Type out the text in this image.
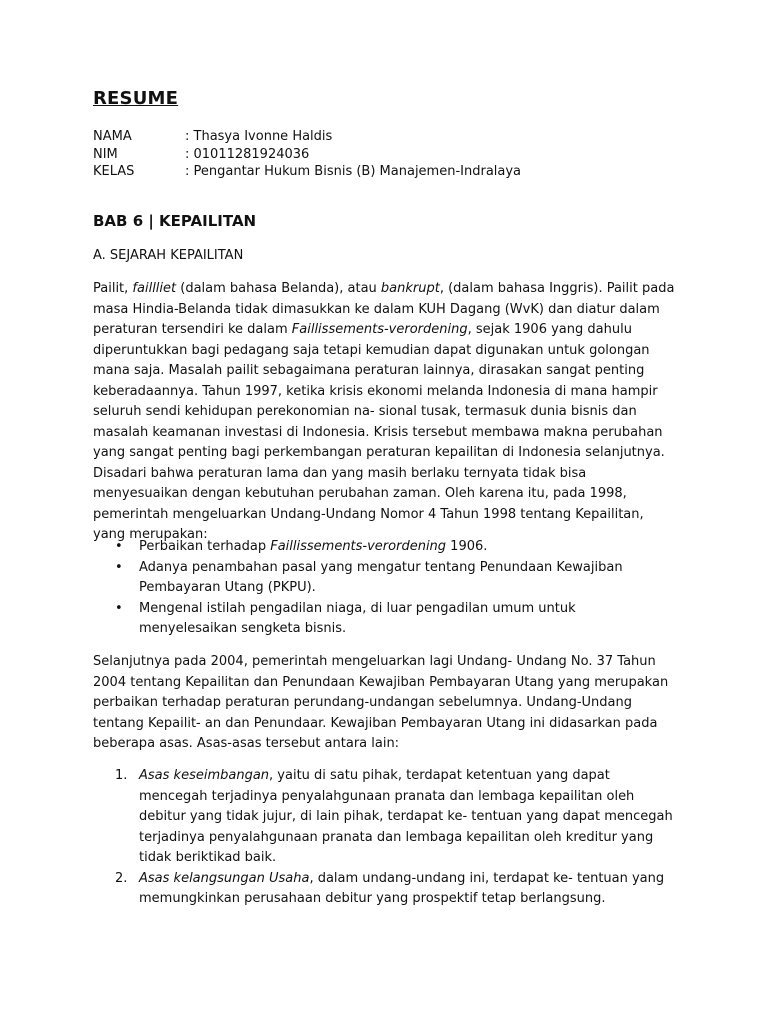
RESUME
NAMA	: Thasya Ivonne Haldis
NIM	: 01011281924036
KELAS	: Pengantar Hukum Bisnis (B) Manajemen-Indralaya
BAB 6 | KEPAILITAN
A. SEJARAH KEPAILITAN

Pailit, faillliet (dalam bahasa Belanda), atau bankrupt, (dalam bahasa Inggris). Pailit pada masa Hindia-Belanda tidak dimasukkan ke dalam KUH Dagang (WvK) dan diatur dalam peraturan tersendiri ke dalam Faillissements-verordening, sejak 1906 yang dahulu diperuntukkan bagi pedagang saja tetapi kemudian dapat digunakan untuk golongan mana saja. Masalah pailit sebagaimana peraturan lainnya, dirasakan sangat penting keberadaannya. Tahun 1997, ketika krisis ekonomi melanda Indonesia di mana hampir seluruh sendi kehidupan perekonomian na- sional tusak, termasuk dunia bisnis dan masalah keamanan investasi di Indonesia. Krisis tersebut membawa makna perubahan yang sangat penting bagi perkembangan peraturan kepailitan di Indonesia selanjutnya. Disadari bahwa peraturan lama dan yang masih berlaku ternyata tidak bisa menyesuaikan dengan kebutuhan perubahan zaman. Oleh karena itu, pada 1998, pemerintah mengeluarkan Undang-Undang Nomor 4 Tahun 1998 tentang Kepailitan, yang merupakan:

• Perbaikan terhadap Faillissements-verordening 1906.
• Adanya penambahan pasal yang mengatur tentang Penundaan Kewajiban Pembayaran Utang (PKPU).
• Mengenal istilah pengadilan niaga, di luar pengadilan umum untuk menyelesaikan sengketa bisnis.

Selanjutnya pada 2004, pemerintah mengeluarkan lagi Undang- Undang No. 37 Tahun 2004 tentang Kepailitan dan Penundaan Kewajiban Pembayaran Utang yang merupakan perbaikan terhadap peraturan perundang-undangan sebelumnya. Undang-Undang tentang Kepailit- an dan Penundaar. Kewajiban Pembayaran Utang ini didasarkan pada beberapa asas. Asas-asas tersebut antara lain:

1. Asas keseimbangan, yaitu di satu pihak, terdapat ketentuan yang dapat mencegah terjadinya penyalahgunaan pranata dan lembaga kepailitan oleh debitur yang tidak jujur, di lain pihak, terdapat ke- tentuan yang dapat mencegah terjadinya penyalahgunaan pranata dan lembaga kepailitan oleh kreditur yang tidak beriktikad baik.
2. Asas kelangsungan Usaha, dalam undang-undang ini, terdapat ke- tentuan yang memungkinkan perusahaan debitur yang prospektif tetap berlangsung.
